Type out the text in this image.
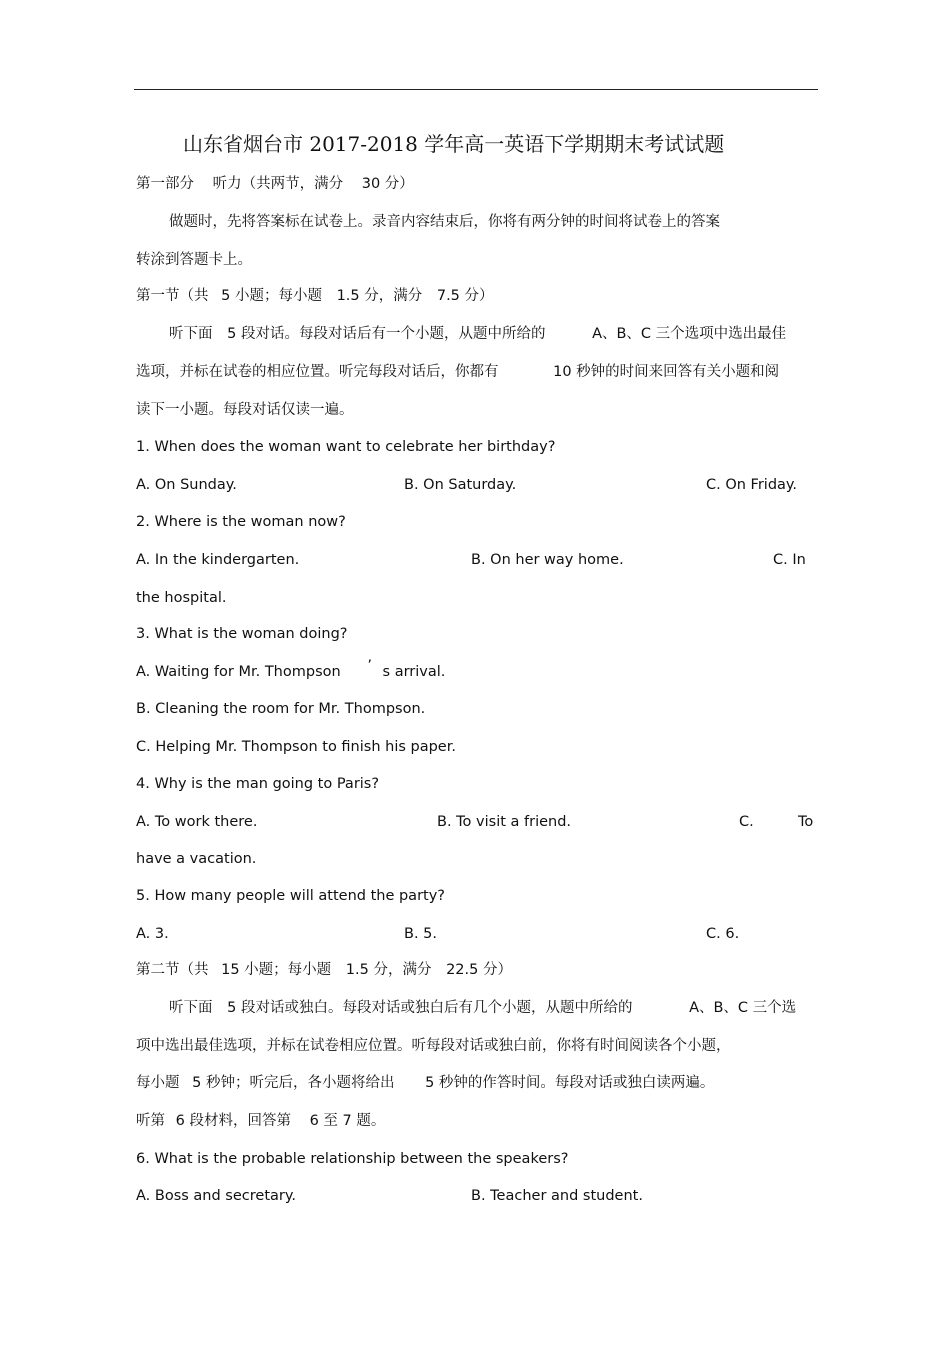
山东省烟台市 2017-2018 学年高一英语下学期期末考试试题
第一部分 听力（共两节，满分 30 分）
做题时，先将答案标在试卷上。录音内容结束后，你将有两分钟的时间将试卷上的答案
转涂到答题卡上。
第一节（共 5 小题；每小题 1.5 分，满分 7.5 分）
听下面 5 段对话。每段对话后有一个小题，从题中所给的	A、B、C 三个选项中选出最佳
选项，并标在试卷的相应位置。听完每段对话后，你都有	10 秒钟的时间来回答有关小题和阅
读下一小题。每段对话仅读一遍。
1. When does the woman want to celebrate her birthday?
A. On Sunday.	B. On Saturday.	C. On Friday.
2. Where is the woman now?
A. In the kindergarten.	B. On her way home.	C. In
the hospital.
3. What is the woman doing?
A. Waiting for Mr. Thompson ’ s arrival.
B. Cleaning the room for Mr. Thompson.
C. Helping Mr. Thompson to finish his paper.
4. Why is the man going to Paris?
A. To work there.	B. To visit a friend.	C.	To
have a vacation.
5. How many people will attend the party?
A. 3.	B. 5.	C. 6.
第二节（共 15 小题；每小题 1.5 分，满分 22.5 分）
听下面 5 段对话或独白。每段对话或独白后有几个小题，从题中所给的	A、B、C 三个选
项中选出最佳选项，并标在试卷相应位置。听每段对话或独白前，你将有时间阅读各个小题，
每小题 5 秒钟；听完后，各小题将给出 5 秒钟的作答时间。每段对话或独白读两遍。
听第 6 段材料，回答第 6 至 7 题。
6. What is the probable relationship between the speakers?
A. Boss and secretary.	B. Teacher and student.
